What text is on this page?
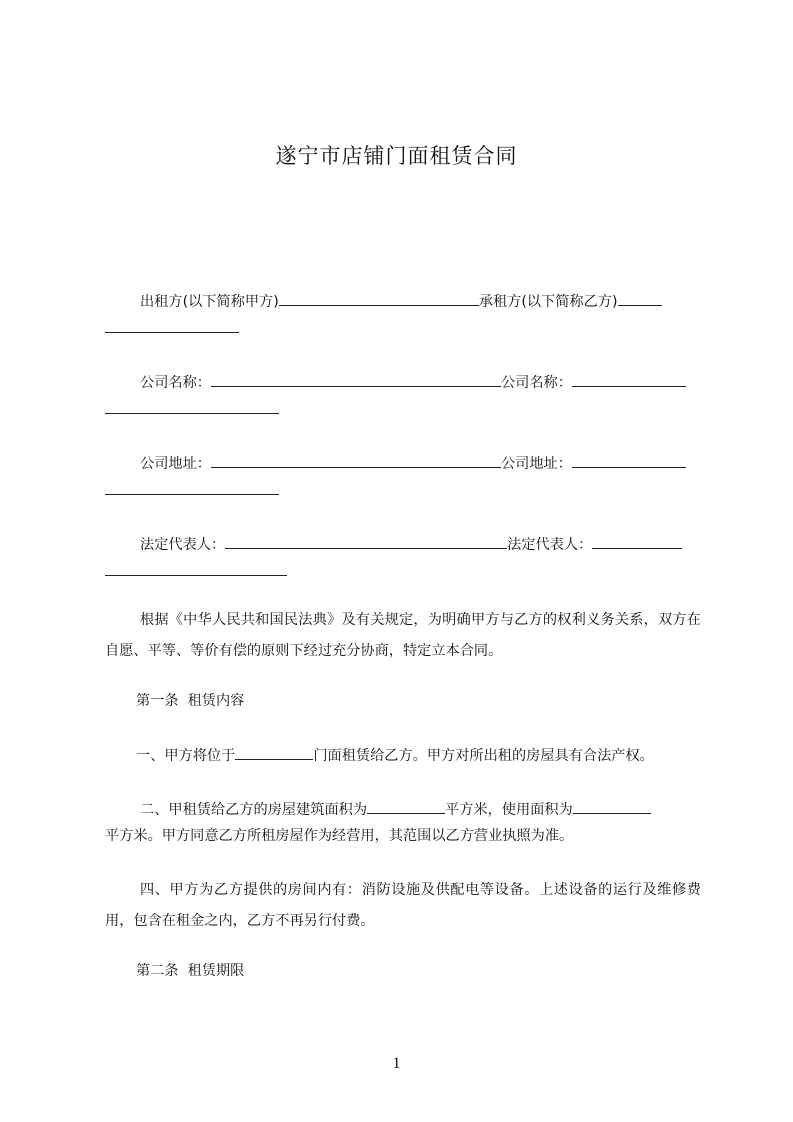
遂宁市店铺门面租赁合同
出租方(以下简称甲方)	承租方(以下简称乙方)
公司名称：	公司名称：
公司地址：	公司地址：
法定代表人：	法定代表人：
根据《中华人民共和国民法典》及有关规定，为明确甲方与乙方的权利义务关系，双方在自愿、平等、等价有偿的原则下经过充分协商，特定立本合同。
第一条  租赁内容
一、甲方将位于	门面租赁给乙方。甲方对所出租的房屋具有合法产权。
二、甲租赁给乙方的房屋建筑面积为	平方米，使用面积为
平方米。甲方同意乙方所租房屋作为经营用，其范围以乙方营业执照为准。
四、甲方为乙方提供的房间内有：消防设施及供配电等设备。上述设备的运行及维修费用，包含在租金之内，乙方不再另行付费。
第二条  租赁期限
1
